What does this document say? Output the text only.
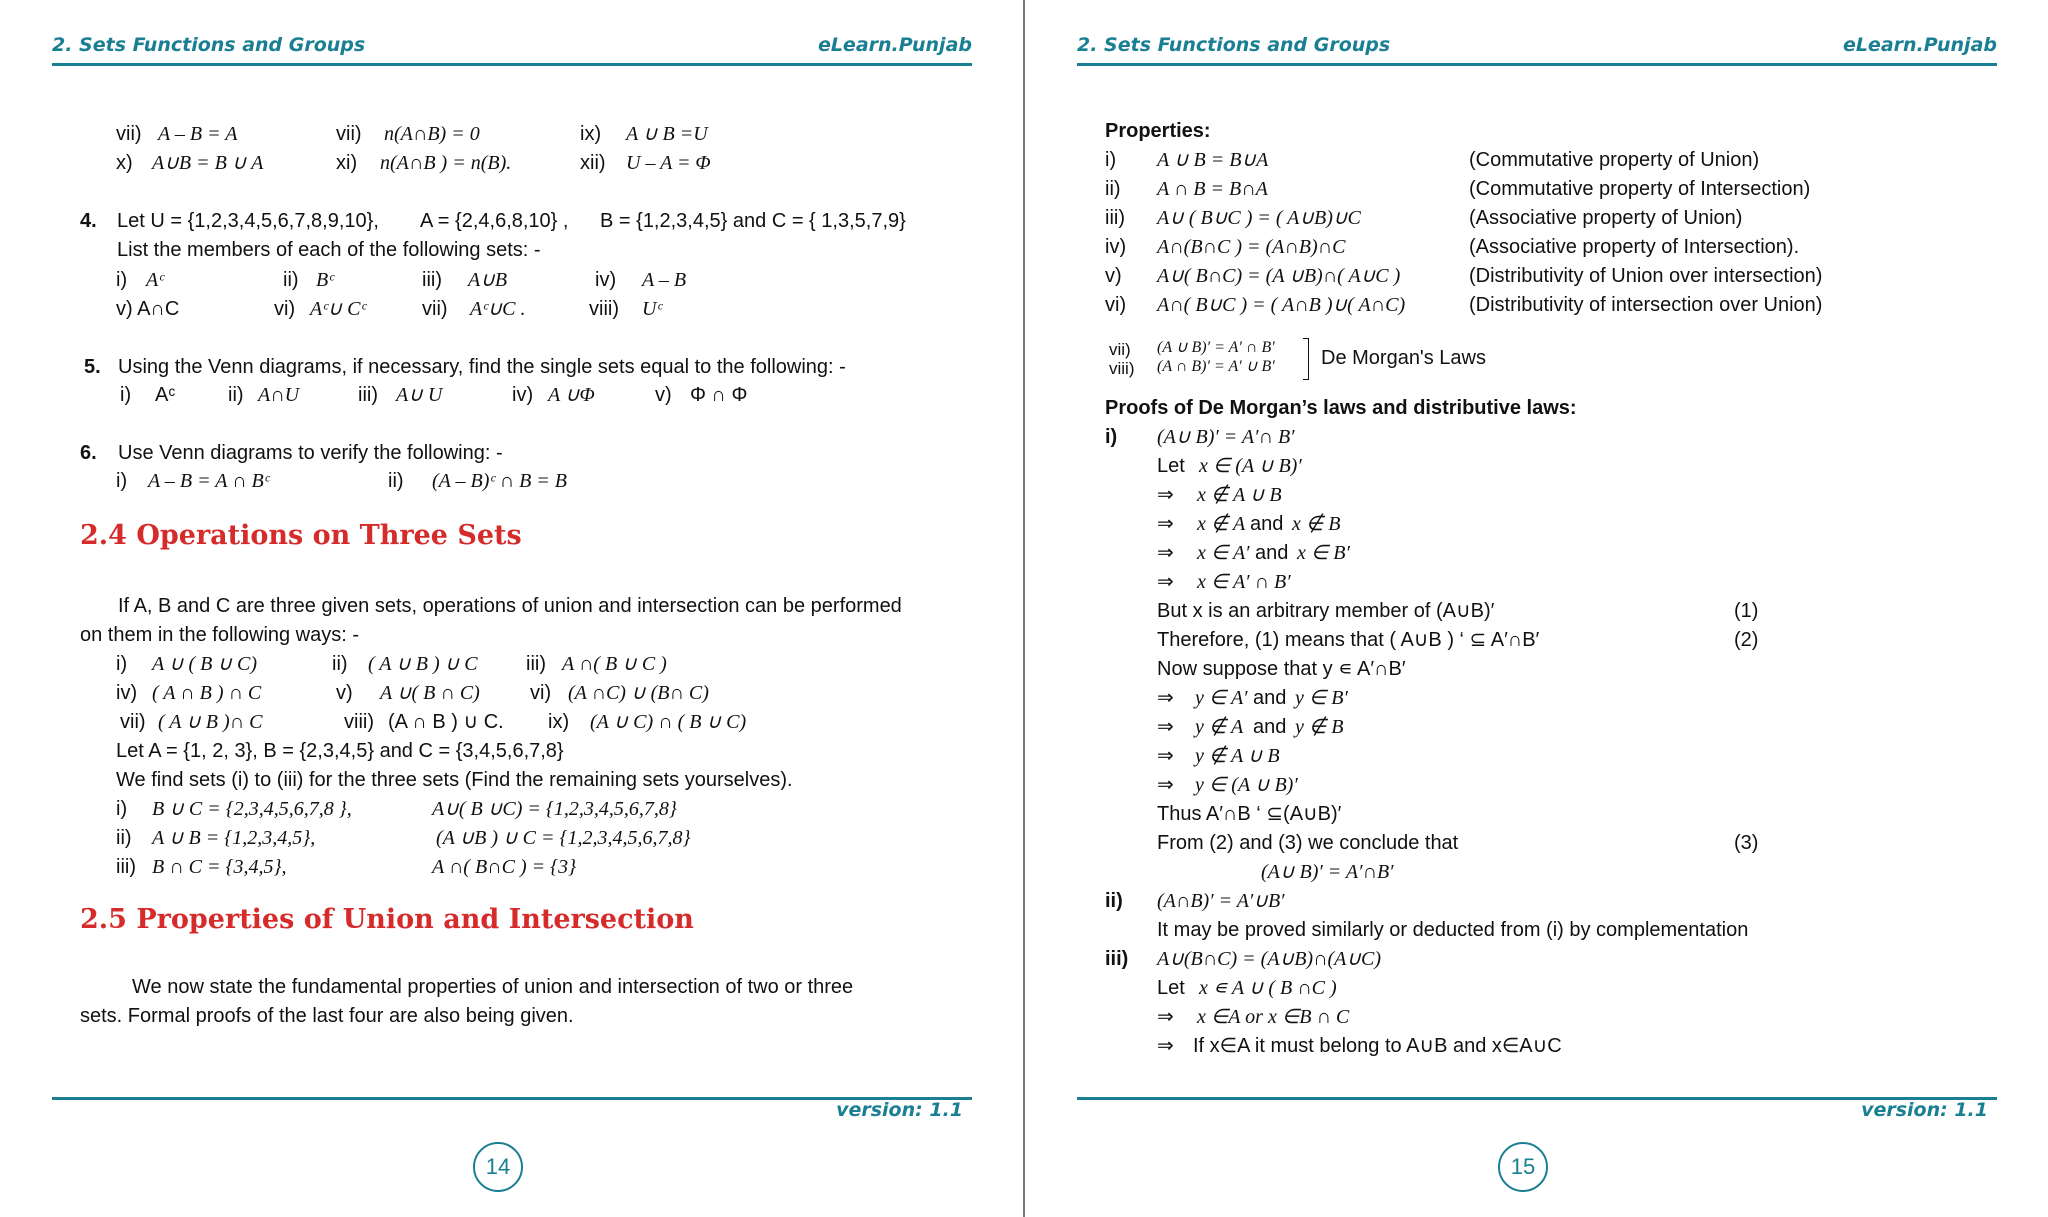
2. Sets Functions and Groups	eLearn.Punjab
vii) A – B = A	vii) n(A∩B) = 0	ix) A ∪ B =U
x) A∪B = B ∪ A	xi) n(A∩B ) = n(B).	xii) U – A = Φ
4. Let U = {1,2,3,4,5,6,7,8,9,10}, A = {2,4,6,8,10} , B = {1,2,3,4,5} and C = { 1,3,5,7,9}
List the members of each of the following sets: -
i) Aᶜ	ii) Bᶜ	iii) A∪B	iv) A – B
v) A∩C	vi) Aᶜ∪ Cᶜ	vii) Aᶜ∪C .	viii) Uᶜ
5. Using the Venn diagrams, if necessary, find the single sets equal to the following: -
i) Aᶜ	ii) A∩U	iii) A∪ U	iv) A ∪Φ	v) Φ ∩ Φ
6. Use Venn diagrams to verify the following: -
i) A – B = A ∩ Bᶜ	ii) (A – B)ᶜ ∩ B = B
2.4 Operations on Three Sets
If A, B and C are three given sets, operations of union and intersection can be performed
on them in the following ways: -
i) A ∪ ( B ∪ C)	ii) ( A ∪ B ) ∪ C iii) A ∩( B ∪ C )
iv) ( A ∩ B ) ∩ C	v) A ∪( B ∩ C)	vi) (A ∩C) ∪ (B∩ C)
vii) ( A ∪ B )∩ C	viii) (A ∩ B ) ∪ C. ix) (A ∪ C) ∩ ( B ∪ C)
Let A = {1, 2, 3}, B = {2,3,4,5} and C = {3,4,5,6,7,8}
We find sets (i) to (iii) for the three sets (Find the remaining sets yourselves).
i) B ∪ C = {2,3,4,5,6,7,8 },	A∪( B ∪C) = {1,2,3,4,5,6,7,8}
ii) A ∪ B = {1,2,3,4,5},	(A ∪B ) ∪ C = {1,2,3,4,5,6,7,8}
iii) B ∩ C = {3,4,5},	A ∩( B∩C ) = {3}
2.5 Properties of Union and Intersection
We now state the fundamental properties of union and intersection of two or three
sets. Formal proofs of the last four are also being given.
version: 1.1
14
2. Sets Functions and Groups	eLearn.Punjab
Properties:
i) A ∪ B = B∪A	(Commutative property of Union)
ii) A ∩ B = B∩A	(Commutative property of Intersection)
iii) A∪ ( B∪C ) = ( A∪B)∪C	(Associative property of Union)
iv) A∩(B∩C ) = (A∩B)∩C	(Associative property of Intersection).
v) A∪( B∩C) = (A ∪B)∩( A∪C )	(Distributivity of Union over intersection)
vi) A∩( B∪C ) = ( A∩B )∪( A∩C)	(Distributivity of intersection over Union)
vii) (A ∪ B)′ = A′ ∩ B′
viii) (A ∩ B)′ = A′ ∪ B′ De Morgan's Laws
Proofs of De Morgan’s laws and distributive laws:
i) (A∪ B)′ = A′∩ B′
Let x ∈ (A ∪ B)′
⇒ x ∉ A ∪ B
⇒ x ∉ A and x ∉ B
⇒ x ∈ A′ and x ∈ B′
⇒ x ∈ A′ ∩ B′
But x is an arbitrary member of (A∪B)′	(1)
Therefore, (1) means that ( A∪B ) ‘ ⊆ A′∩B′	(2)
Now suppose that y ∊ A′∩B′
⇒ y ∈ A′ and y ∈ B′
⇒ y ∉ A and y ∉ B
⇒ y ∉ A ∪ B
⇒ y ∈ (A ∪ B)′
Thus A′∩B ‘ ⊆(A∪B)′
From (2) and (3) we conclude that	(3)
(A∪ B)′ = A′∩B′
ii) (A∩B)′ = A′∪B′
It may be proved similarly or deducted from (i) by complementation
iii) A∪(B∩C) = (A∪B)∩(A∪C)
Let x ∊ A ∪ ( B ∩C )
⇒ x ∈A or x ∈B ∩ C
⇒ If x∈A it must belong to A∪B and x∈A∪C
version: 1.1
15
